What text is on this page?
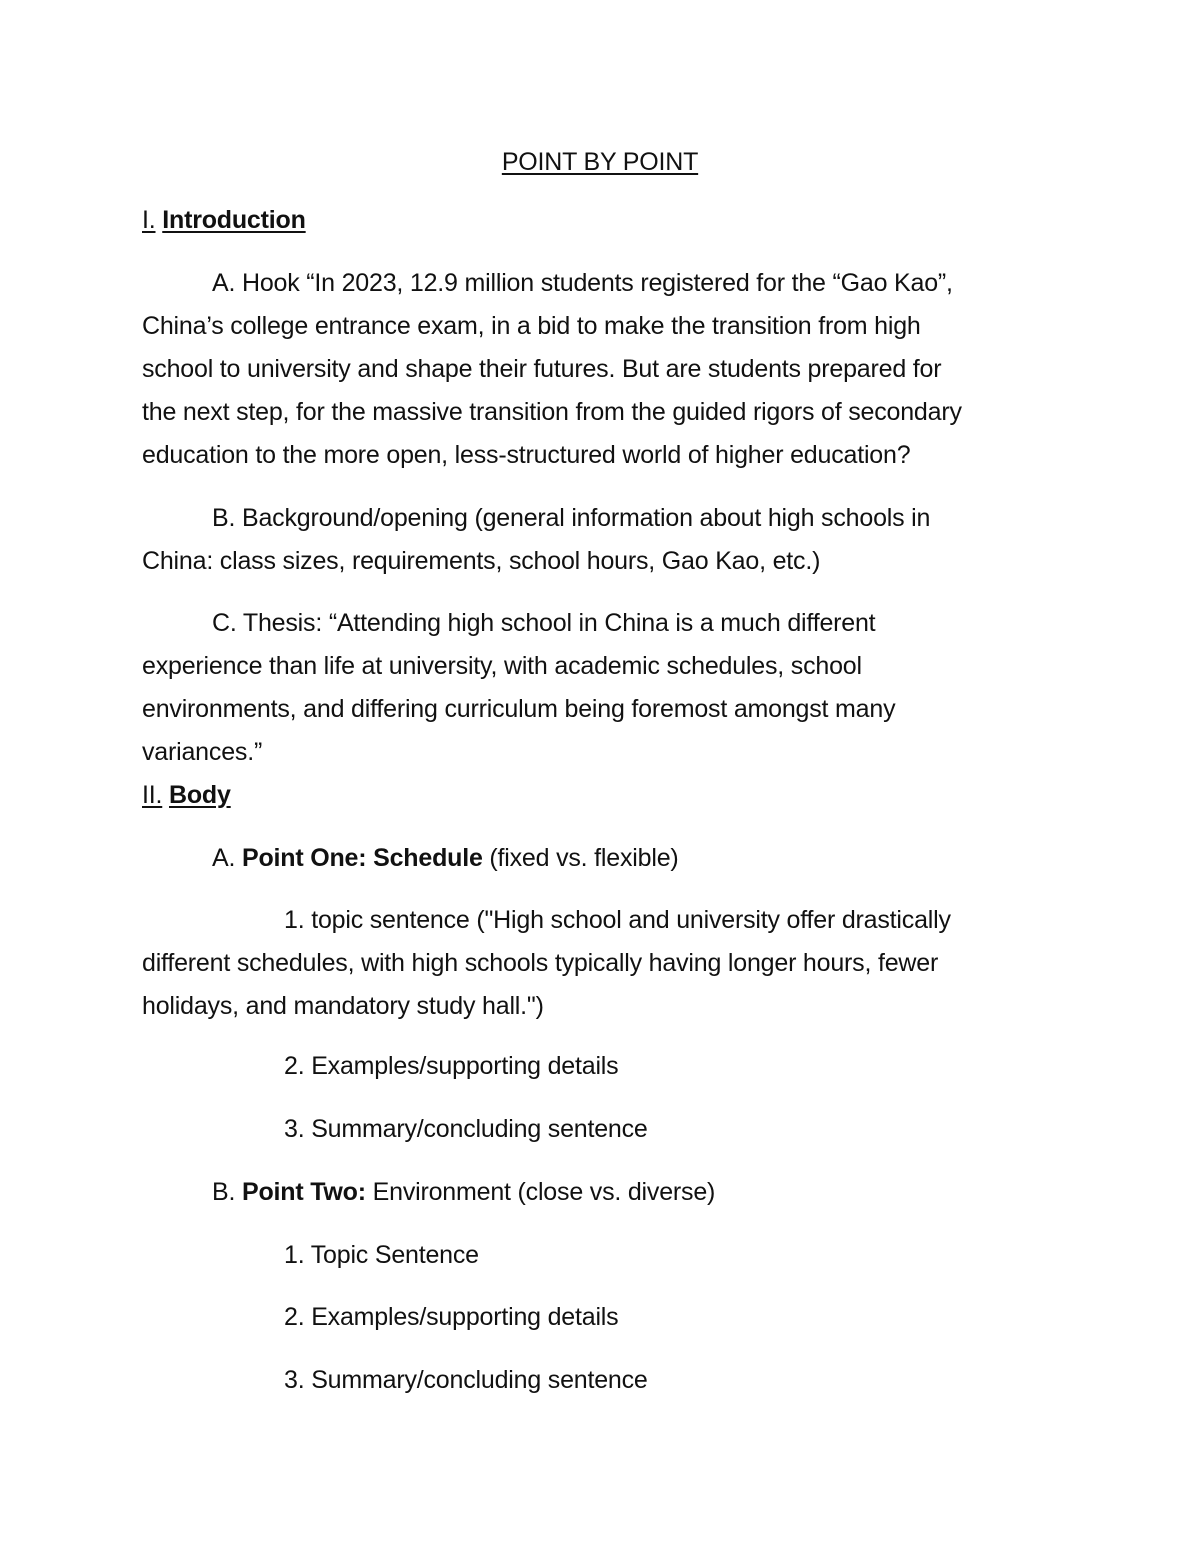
POINT BY POINT
I. Introduction
A. Hook “In 2023, 12.9 million students registered for the “Gao Kao”,
China’s college entrance exam, in a bid to make the transition from high
school to university and shape their futures. But are students prepared for
the next step, for the massive transition from the guided rigors of secondary
education to the more open, less-structured world of higher education?
B. Background/opening (general information about high schools in
China: class sizes, requirements, school hours, Gao Kao, etc.)
C. Thesis: “Attending high school in China is a much different
experience than life at university, with academic schedules, school
environments, and differing curriculum being foremost amongst many
variances.”
II. Body
A. Point One: Schedule (fixed vs. flexible)
1. topic sentence ("High school and university offer drastically
different schedules, with high schools typically having longer hours, fewer
holidays, and mandatory study hall.")
2. Examples/supporting details
3. Summary/concluding sentence
B. Point Two: Environment (close vs. diverse)
1. Topic Sentence
2. Examples/supporting details
3. Summary/concluding sentence
